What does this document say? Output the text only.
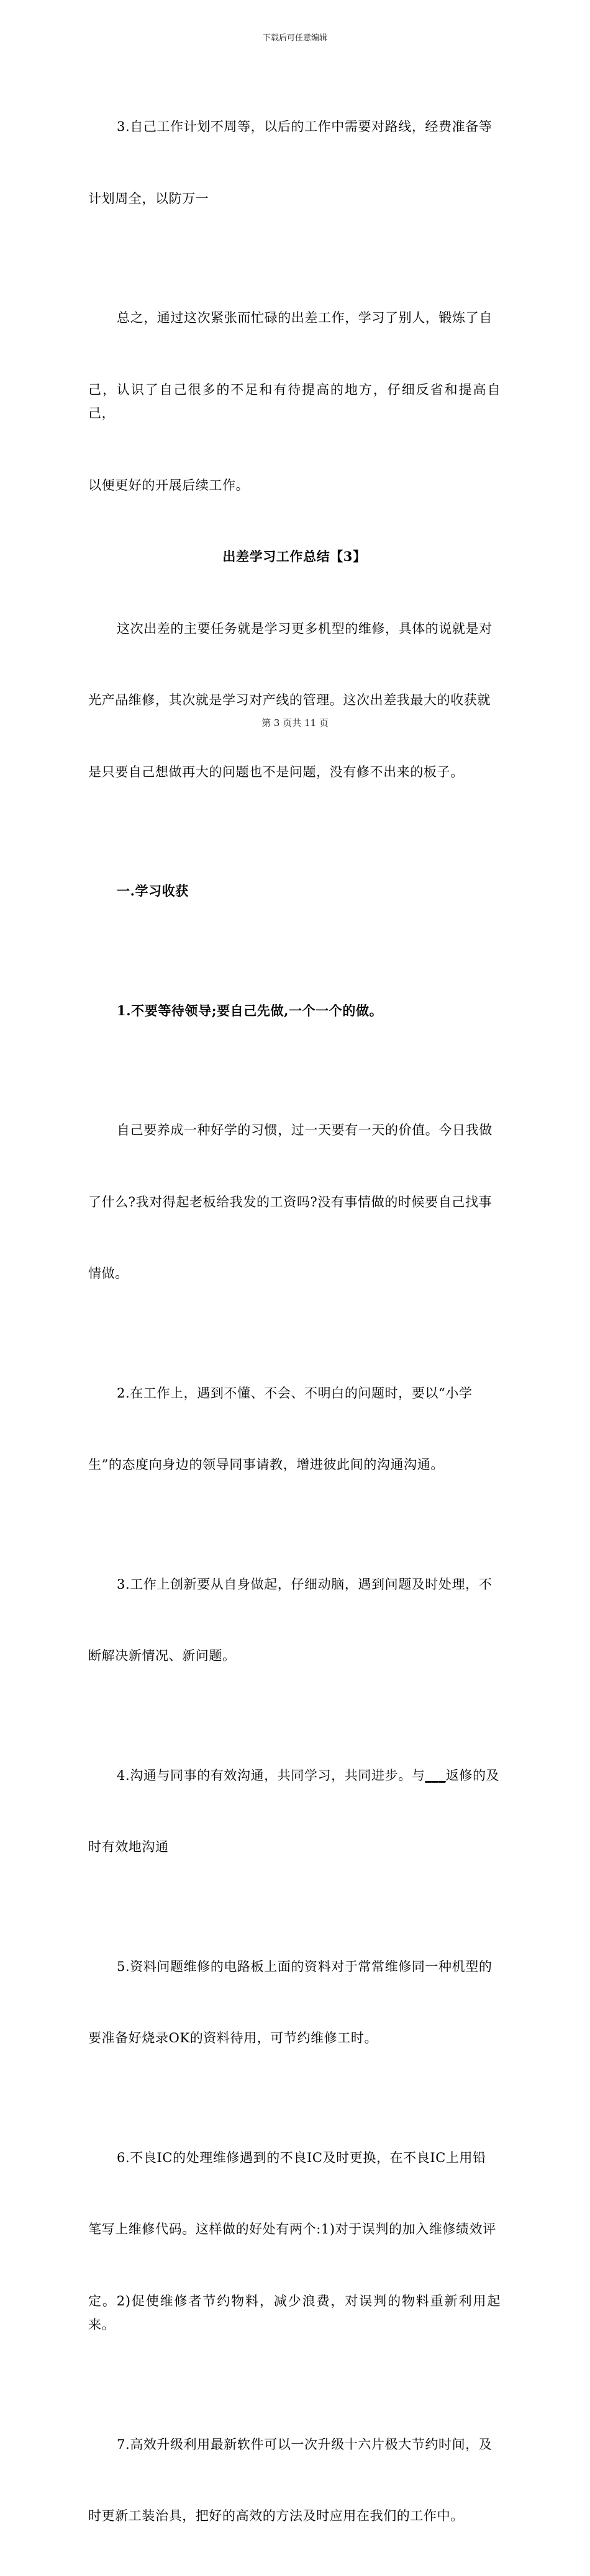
下载后可任意编辑

3.自己工作计划不周等，以后的工作中需要对路线，经费准备等

计划周全，以防万一

总之，通过这次紧张而忙碌的出差工作，学习了别人，锻炼了自

己，认识了自己很多的不足和有待提高的地方，仔细反省和提高自己，

以便更好的开展后续工作。

出差学习工作总结【3】

这次出差的主要任务就是学习更多机型的维修，具体的说就是对

光产品维修，其次就是学习对产线的管理。这次出差我最大的收获就

是只要自己想做再大的问题也不是问题，没有修不出来的板子。

一.学习收获

1.不要等待领导;要自己先做,一个一个的做。

自己要养成一种好学的习惯，过一天要有一天的价值。今日我做

了什么?我对得起老板给我发的工资吗?没有事情做的时候要自己找事

情做。

2.在工作上，遇到不懂、不会、不明白的问题时，要以“小学

生”的态度向身边的领导同事请教，增进彼此间的沟通沟通。

3.工作上创新要从自身做起，仔细动脑，遇到问题及时处理，不

断解决新情况、新问题。

4.沟通与同事的有效沟通，共同学习，共同进步。与___返修的及

时有效地沟通

5.资料问题维修的电路板上面的资料对于常常维修同一种机型的

要准备好烧录OK的资料待用，可节约维修工时。

6.不良IC的处理维修遇到的不良IC及时更换，在不良IC上用铅

笔写上维修代码。这样做的好处有两个:1)对于误判的加入维修绩效评

定。2)促使维修者节约物料，减少浪费，对误判的物料重新利用起来。

7.高效升级利用最新软件可以一次升级十六片极大节约时间，及

时更新工装治具，把好的高效的方法及时应用在我们的工作中。

第 3 页共 11 页
